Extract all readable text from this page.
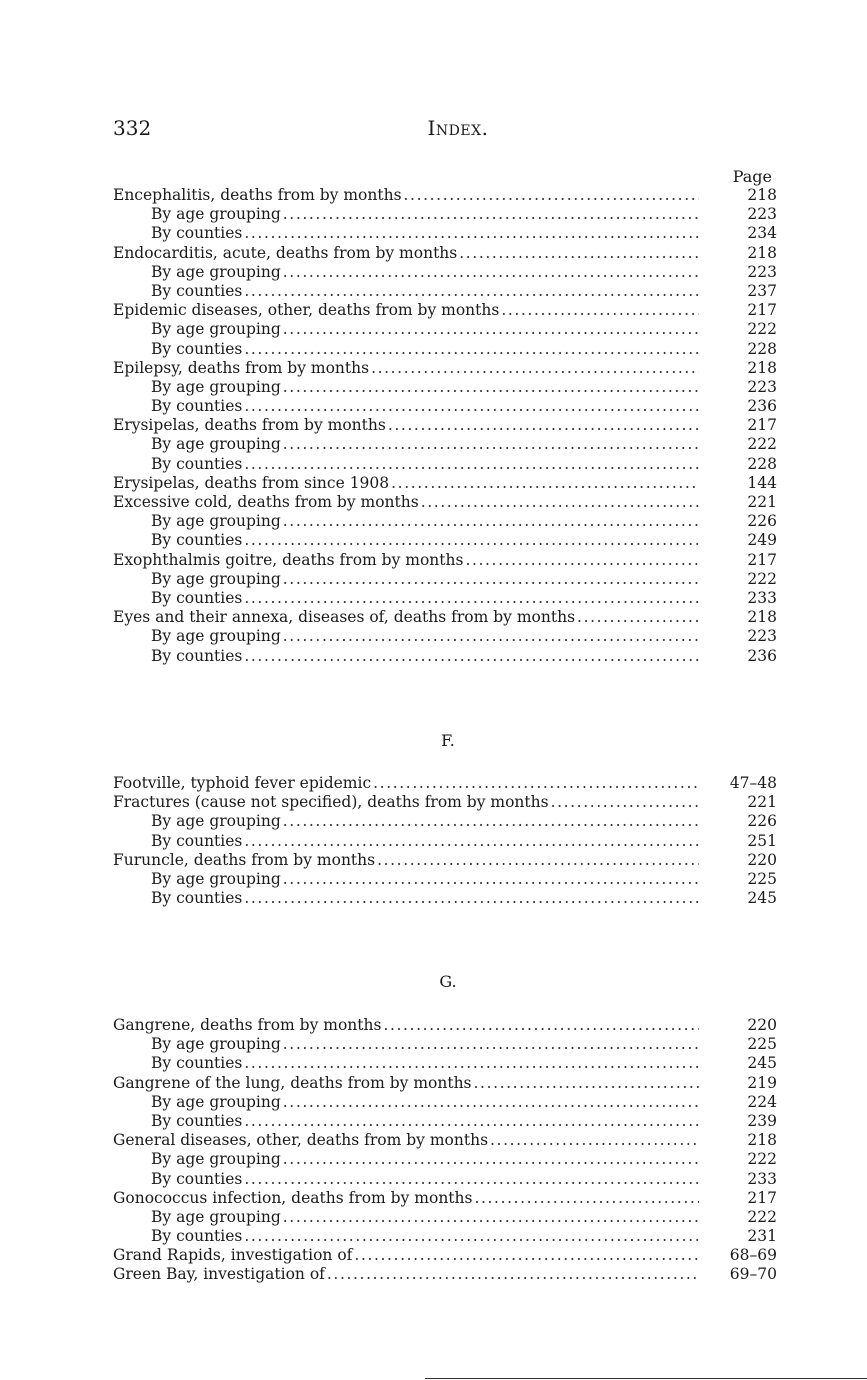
332	Index.
Page
Encephalitis, deaths from by months .....	218
By age grouping .....	223
By counties .....	234
Endocarditis, acute, deaths from by months .....	218
By age grouping .....	223
By counties .....	237
Epidemic diseases, other, deaths from by months .....	217
By age grouping .....	222
By counties .....	228
Epilepsy, deaths from by months .....	218
By age grouping .....	223
By counties .....	236
Erysipelas, deaths from by months .....	217
By age grouping .....	222
By counties .....	228
Erysipelas, deaths from since 1908 .....	144
Excessive cold, deaths from by months .....	221
By age grouping .....	226
By counties .....	249
Exophthalmis goitre, deaths from by months .....	217
By age grouping .....	222
By counties .....	233
Eyes and their annexa, diseases of, deaths from by months .....	218
By age grouping .....	223
By counties .....	236
F.
Footville, typhoid fever epidemic .....	47–48
Fractures (cause not specified), deaths from by months .....	221
By age grouping .....	226
By counties .....	251
Furuncle, deaths from by months .....	220
By age grouping .....	225
By counties .....	245
G.
Gangrene, deaths from by months .....	220
By age grouping .....	225
By counties .....	245
Gangrene of the lung, deaths from by months .....	219
By age grouping .....	224
By counties .....	239
General diseases, other, deaths from by months .....	218
By age grouping .....	222
By counties .....	233
Gonococcus infection, deaths from by months .....	217
By age grouping .....	222
By counties .....	231
Grand Rapids, investigation of .....	68–69
Green Bay, investigation of .....	69–70
